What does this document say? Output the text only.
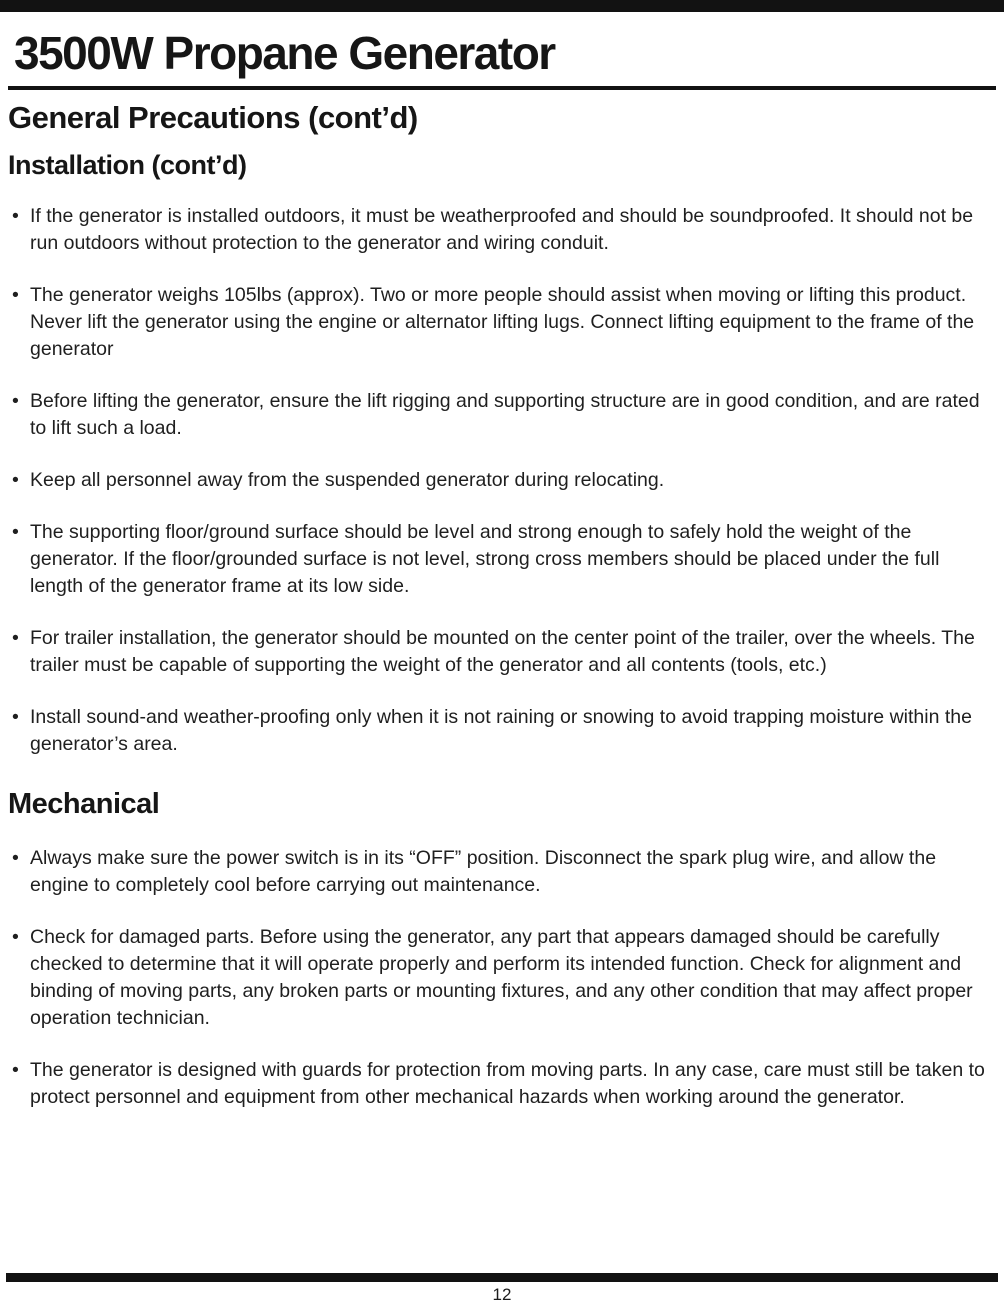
3500W Propane Generator
General Precautions (cont’d)
Installation (cont’d)
•
If the generator is installed outdoors, it must be weatherproofed and should be soundproofed. It should not be run outdoors without protection to the generator and wiring conduit.
•
The generator weighs 105lbs (approx). Two or more people should assist when moving or lifting this product. Never lift the generator using the engine or alternator lifting lugs. Connect lifting equipment to the frame of the generator
•
Before lifting the generator, ensure the lift rigging and supporting structure are in good condition, and are rated to lift such a load.
•
Keep all personnel away from the suspended generator during relocating.
•
The supporting floor/ground surface should be level and strong enough to safely hold the weight of the generator. If the floor/grounded surface is not level, strong cross members should be placed under the full length of the generator frame at its low side.
•
For trailer installation, the generator should be mounted on the center point of the trailer, over the wheels. The trailer must be capable of supporting the weight of the generator and all contents (tools, etc.)
•
Install sound-and weather-proofing only when it is not raining or snowing to avoid trapping moisture within the generator’s area.
Mechanical
•
Always make sure the power switch is in its “OFF” position. Disconnect the spark plug wire, and allow the engine to completely cool before carrying out maintenance.
•
Check for damaged parts. Before using the generator, any part that appears damaged should be carefully checked to determine that it will operate properly and perform its intended function. Check for alignment and binding of moving parts, any broken parts or mounting fixtures, and any other condition that may affect proper operation technician.
•
The generator is designed with guards for protection from moving parts. In any case, care must still be taken to protect personnel and equipment from other mechanical hazards when working around the generator.
12
